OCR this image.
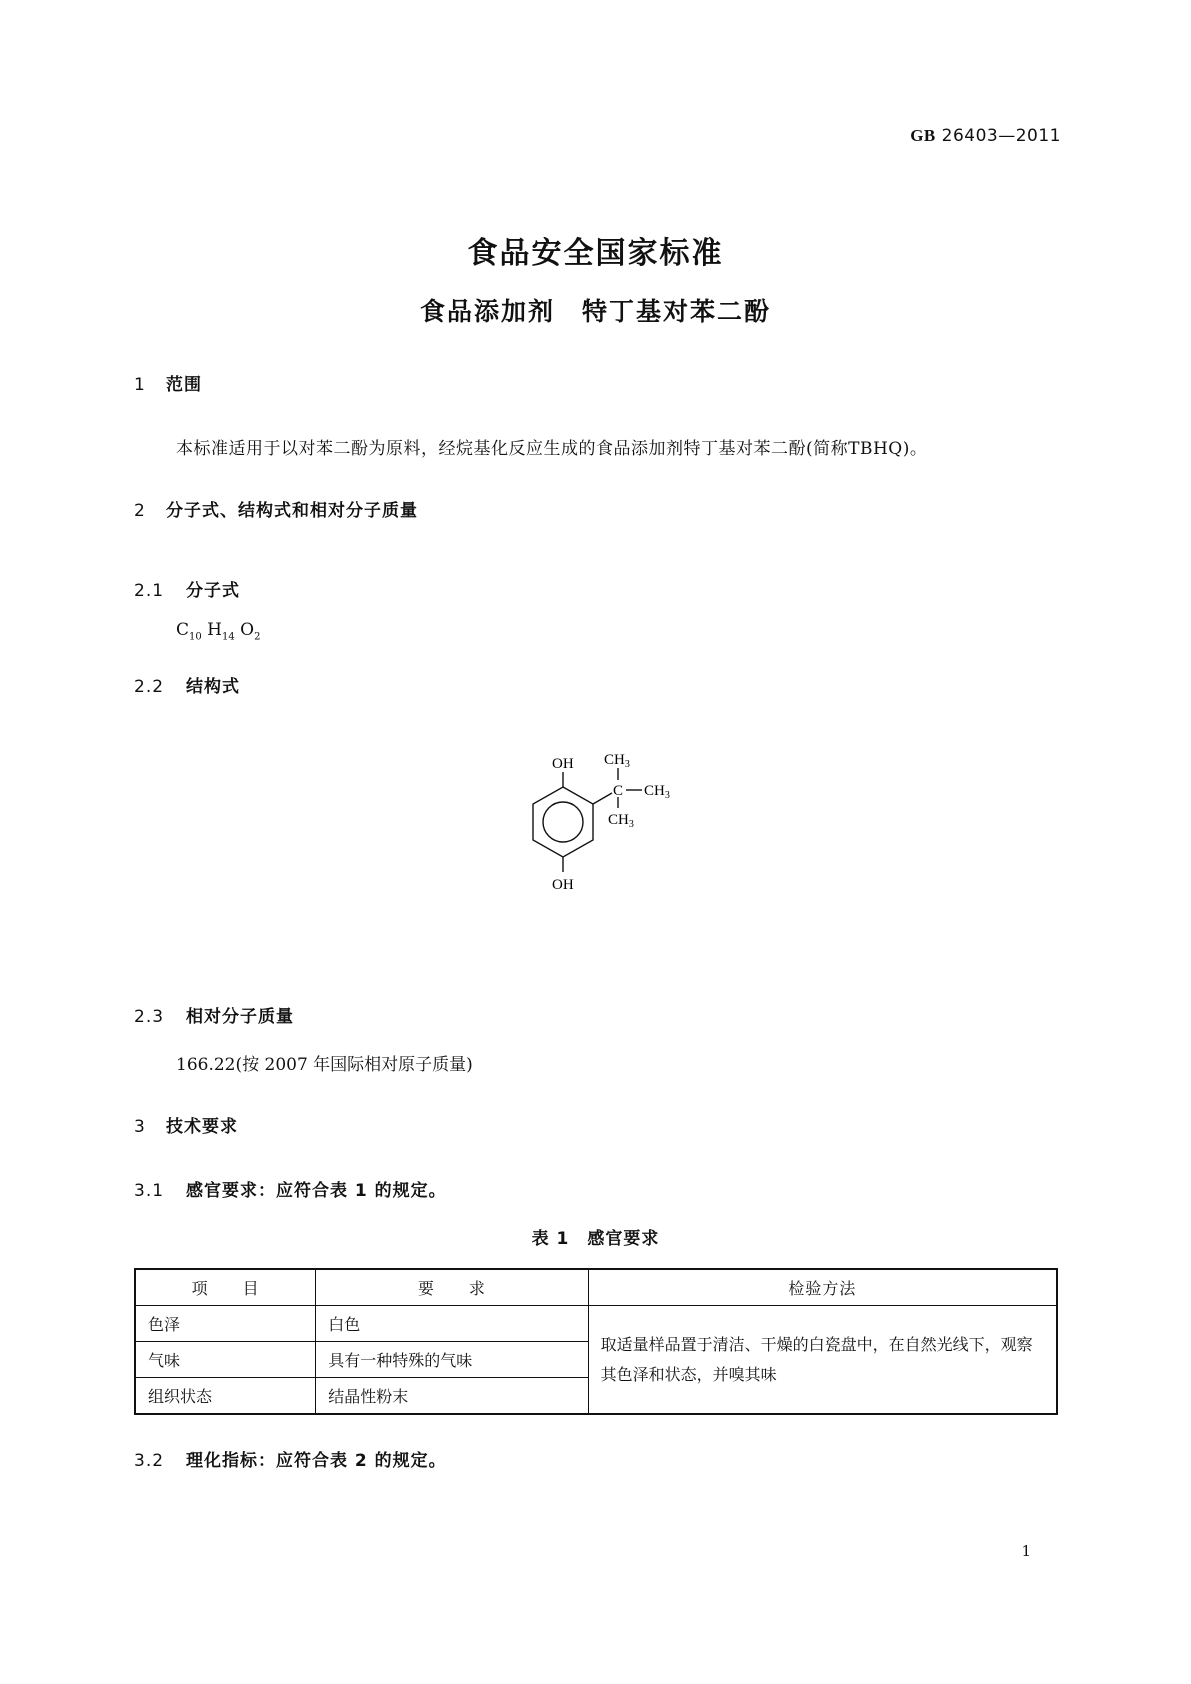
GB 26403—2011
食品安全国家标准
食品添加剂　特丁基对苯二酚
1 范围
本标准适用于以对苯二酚为原料，经烷基化反应生成的食品添加剂特丁基对苯二酚(简称TBHQ)。
2 分子式、结构式和相对分子质量
2.1 分子式
$C_{10}$ $H_{14}$ $O_2$
2.2 结构式
OH
OH
C
$CH_3$
$CH_3$
$CH_3$
2.3 相对分子质量
166.22(按 2007 年国际相对原子质量)
3 技术要求
3.1 感官要求：应符合表 1 的规定。
表 1　感官要求
项　　目	要　　求	检验方法
色泽	白色	取适量样品置于清洁、干燥的白瓷盘中，在自然光线下，观察其色泽和状态，并嗅其味
气味	具有一种特殊的气味	
组织状态	结晶性粉末	
3.2 理化指标：应符合表 2 的规定。
1
